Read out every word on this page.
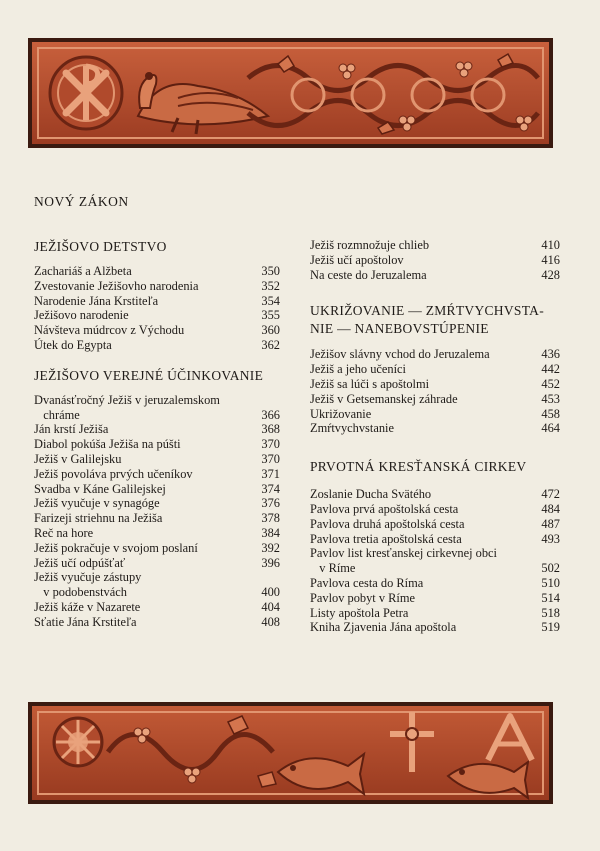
NOVÝ ZÁKON
JEŽIŠOVO DETSTVO
Zachariáš a Alžbeta	350
Zvestovanie Ježišovho narodenia	352
Narodenie Jána Krstiteľa	354
Ježišovo narodenie	355
Návšteva múdrcov z Východu	360
Útek do Egypta	362
JEŽIŠOVO VEREJNÉ ÚČINKOVANIE
Dvanásťročný Ježiš v jeruzalemskom
chráme	366
Ján krstí Ježiša	368
Diabol pokúša Ježiša na púšti	370
Ježiš v Galilejsku	370
Ježiš povoláva prvých učeníkov	371
Svadba v Káne Galilejskej	374
Ježiš vyučuje v synagóge	376
Farizeji striehnu na Ježiša	378
Reč na hore	384
Ježiš pokračuje v svojom poslaní	392
Ježiš učí odpúšťať	396
Ježiš vyučuje zástupy
v podobenstvách	400
Ježiš káže v Nazarete	404
Sťatie Jána Krstiteľa	408
Ježiš rozmnožuje chlieb	410
Ježiš učí apoštolov	416
Na ceste do Jeruzalema	428
UKRIŽOVANIE — ZMŔTVYCHVSTA-
NIE — NANEBOVSTÚPENIE
Ježišov slávny vchod do Jeruzalema	436
Ježiš a jeho učeníci	442
Ježiš sa lúči s apoštolmi	452
Ježiš v Getsemanskej záhrade	453
Ukrižovanie	458
Zmŕtvychvstanie	464
PRVOTNÁ KRESŤANSKÁ CIRKEV
Zoslanie Ducha Svätého	472
Pavlova prvá apoštolská cesta	484
Pavlova druhá apoštolská cesta	487
Pavlova tretia apoštolská cesta	493
Pavlov list kresťanskej cirkevnej obci
v Ríme	502
Pavlova cesta do Ríma	510
Pavlov pobyt v Ríme	514
Listy apoštola Petra	518
Kniha Zjavenia Jána apoštola	519
